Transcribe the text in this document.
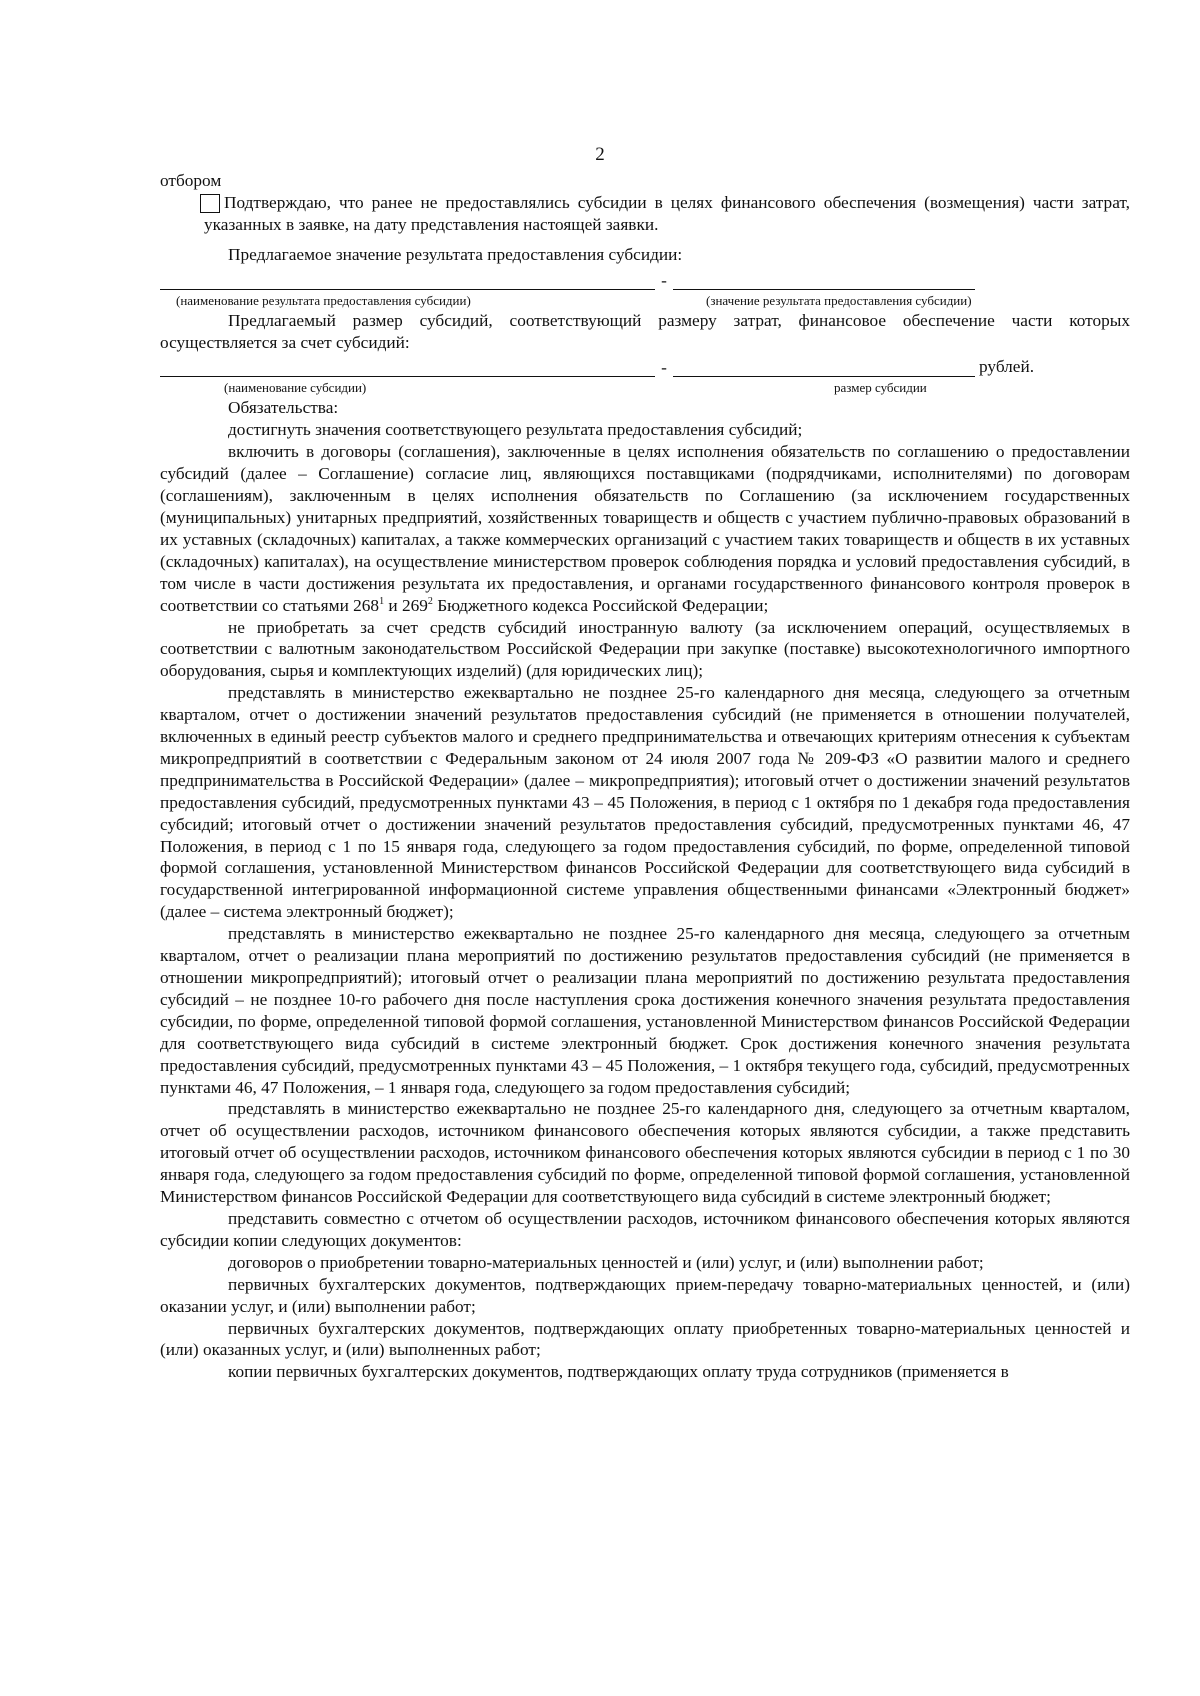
2

отбором

Подтверждаю, что ранее не предоставлялись субсидии в целях финансового обеспечения (возмещения) части затрат, указанных в заявке, на дату представления настоящей заявки.

Предлагаемое значение результата предоставления субсидии:

-
(наименование результата предоставления субсидии)	(значение результата предоставления субсидии)

Предлагаемый размер субсидий, соответствующий размеру затрат, финансовое обеспечение части которых осуществляется за счет субсидий:

-	рублей.
(наименование субсидии)	размер субсидии

Обязательства:

достигнуть значения соответствующего результата предоставления субсидий;

включить в договоры (соглашения), заключенные в целях исполнения обязательств по соглашению о предоставлении субсидий (далее – Соглашение) согласие лиц, являющихся поставщиками (подрядчиками, исполнителями) по договорам (соглашениям), заключенным в целях исполнения обязательств по Соглашению (за исключением государственных (муниципальных) унитарных предприятий, хозяйственных товариществ и обществ с участием публично-правовых образований в их уставных (складочных) капиталах, а также коммерческих организаций с участием таких товариществ и обществ в их уставных (складочных) капиталах), на осуществление министерством проверок соблюдения порядка и условий предоставления субсидий, в том числе в части достижения результата их предоставления, и органами государственного финансового контроля проверок в соответствии со статьями $268^1$ и $269^2$ Бюджетного кодекса Российской Федерации;

не приобретать за счет средств субсидий иностранную валюту (за исключением операций, осуществляемых в соответствии с валютным законодательством Российской Федерации при закупке (поставке) высокотехнологичного импортного оборудования, сырья и комплектующих изделий) (для юридических лиц);

представлять в министерство ежеквартально не позднее 25-го календарного дня месяца, следующего за отчетным кварталом, отчет о достижении значений результатов предоставления субсидий (не применяется в отношении получателей, включенных в единый реестр субъектов малого и среднего предпринимательства и отвечающих критериям отнесения к субъектам микропредприятий в соответствии с Федеральным законом от 24 июля 2007 года № 209-ФЗ «О развитии малого и среднего предпринимательства в Российской Федерации» (далее – микропредприятия); итоговый отчет о достижении значений результатов предоставления субсидий, предусмотренных пунктами 43 – 45 Положения, в период с 1 октября по 1 декабря года предоставления субсидий; итоговый отчет о достижении значений результатов предоставления субсидий, предусмотренных пунктами 46, 47 Положения, в период с 1 по 15 января года, следующего за годом предоставления субсидий, по форме, определенной типовой формой соглашения, установленной Министерством финансов Российской Федерации для соответствующего вида субсидий в государственной интегрированной информационной системе управления общественными финансами «Электронный бюджет» (далее – система электронный бюджет);

представлять в министерство ежеквартально не позднее 25-го календарного дня месяца, следующего за отчетным кварталом, отчет о реализации плана мероприятий по достижению результатов предоставления субсидий (не применяется в отношении микропредприятий); итоговый отчет о реализации плана мероприятий по достижению результата предоставления субсидий – не позднее 10-го рабочего дня после наступления срока достижения конечного значения результата предоставления субсидии, по форме, определенной типовой формой соглашения, установленной Министерством финансов Российской Федерации для соответствующего вида субсидий в системе электронный бюджет. Срок достижения конечного значения результата предоставления субсидий, предусмотренных пунктами 43 – 45 Положения, – 1 октября текущего года, субсидий, предусмотренных пунктами 46, 47 Положения, – 1 января года, следующего за годом предоставления субсидий;

представлять в министерство ежеквартально не позднее 25-го календарного дня, следующего за отчетным кварталом, отчет об осуществлении расходов, источником финансового обеспечения которых являются субсидии, а также представить итоговый отчет об осуществлении расходов, источником финансового обеспечения которых являются субсидии в период с 1 по 30 января года, следующего за годом предоставления субсидий по форме, определенной типовой формой соглашения, установленной Министерством финансов Российской Федерации для соответствующего вида субсидий в системе электронный бюджет;

представить совместно с отчетом об осуществлении расходов, источником финансового обеспечения которых являются субсидии копии следующих документов:

договоров о приобретении товарно-материальных ценностей и (или) услуг, и (или) выполнении работ;

первичных бухгалтерских документов, подтверждающих прием-передачу товарно-материальных ценностей, и (или) оказании услуг, и (или) выполнении работ;

первичных бухгалтерских документов, подтверждающих оплату приобретенных товарно-материальных ценностей и (или) оказанных услуг, и (или) выполненных работ;

копии первичных бухгалтерских документов, подтверждающих оплату труда сотрудников (применяется в
